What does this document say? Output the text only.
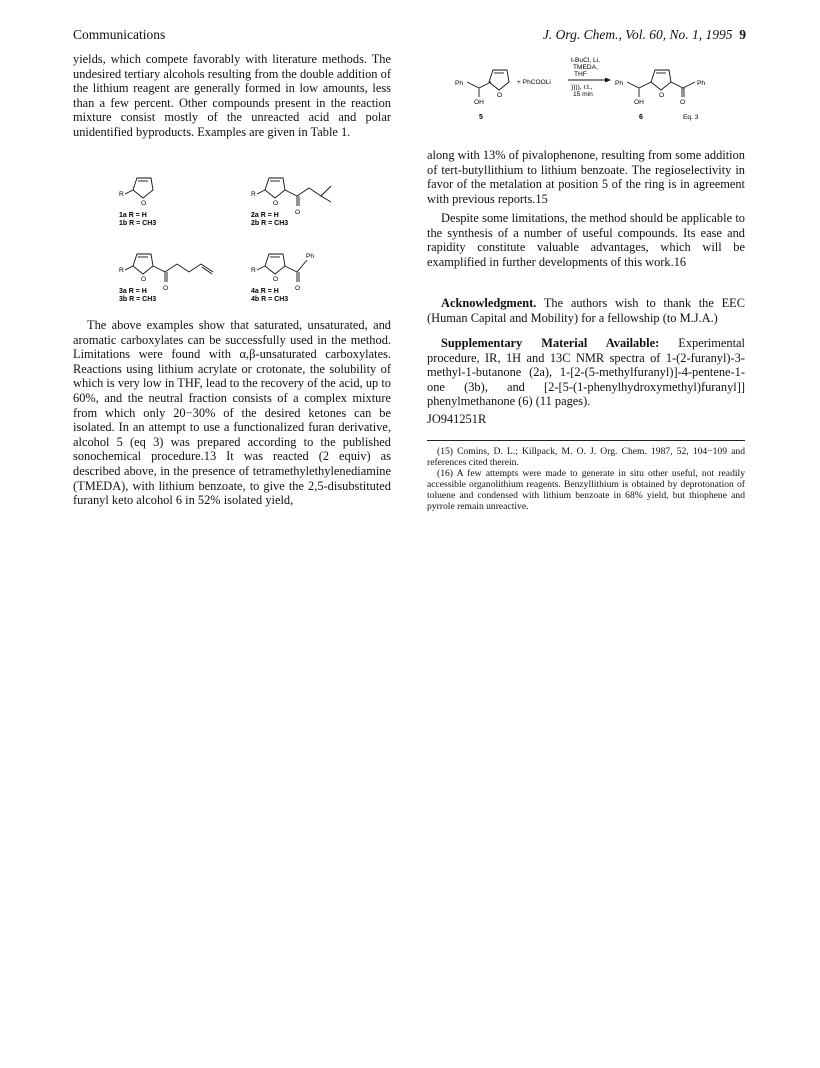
Communications	J. Org. Chem., Vol. 60, No. 1, 1995 9

yields, which compete favorably with literature methods. The undesired tertiary alcohols resulting from the double addition of the lithium reagent are generally formed in low amounts, less than a few percent. Other compounds present in the reaction mixture consist mostly of the unreacted acid and polar unidentified byproducts. Examples are given in Table 1.

R
O
1a R = H
1b R = CH3
R
O
O
2a R = H
2b R = CH3
R
O
O
3a R = H
3b R = CH3
R
O
O
Ph
4a R = H
4b R = CH3

The above examples show that saturated, unsaturated, and aromatic carboxylates can be successfully used in the method. Limitations were found with α,β-unsaturated carboxylates. Reactions using lithium acrylate or crotonate, the solubility of which is very low in THF, lead to the recovery of the acid, up to 60%, and the neutral fraction consists of a complex mixture from which only 20−30% of the desired ketones can be isolated. In an attempt to use a functionalized furan derivative, alcohol 5 (eq 3) was prepared according to the published sonochemical procedure.13 It was reacted (2 equiv) as described above, in the presence of tetramethylethylenediamine (TMEDA), with lithium benzoate, to give the 2,5-disubstituted furanyl keto alcohol 6 in 52% isolated yield,

Ph
OH
O
5
+ PhCOOLi
t-BuCl, Li,
TMEDA,
THF
)))), r.t.,
15 min
Ph
OH
O
O
Ph
6	Eq. 3

along with 13% of pivalophenone, resulting from some addition of tert-butyllithium to lithium benzoate. The regioselectivity in favor of the metalation at position 5 of the ring is in agreement with previous reports.15

Despite some limitations, the method should be applicable to the synthesis of a number of useful compounds. Its ease and rapidity constitute valuable advantages, which will be examplified in further developments of this work.16

Acknowledgment. The authors wish to thank the EEC (Human Capital and Mobility) for a fellowship (to M.J.A.)

Supplementary Material Available: Experimental procedure, IR, 1H and 13C NMR spectra of 1-(2-furanyl)-3-methyl-1-butanone (2a), 1-[2-(5-methylfuranyl)]-4-pentene-1-one (3b), and [2-[5-(1-phenylhydroxymethyl)furanyl]] phenylmethanone (6) (11 pages).

JO941251R

(15) Comins, D. L.; Killpack, M. O. J. Org. Chem. 1987, 52, 104−109 and references cited therein.

(16) A few attempts were made to generate in situ other useful, not readily accessible organolithium reagents. Benzyllithium is obtained by deprotonation of toluene and condensed with lithium benzoate in 68% yield, but thiophene and pyrrole remain unreactive.
